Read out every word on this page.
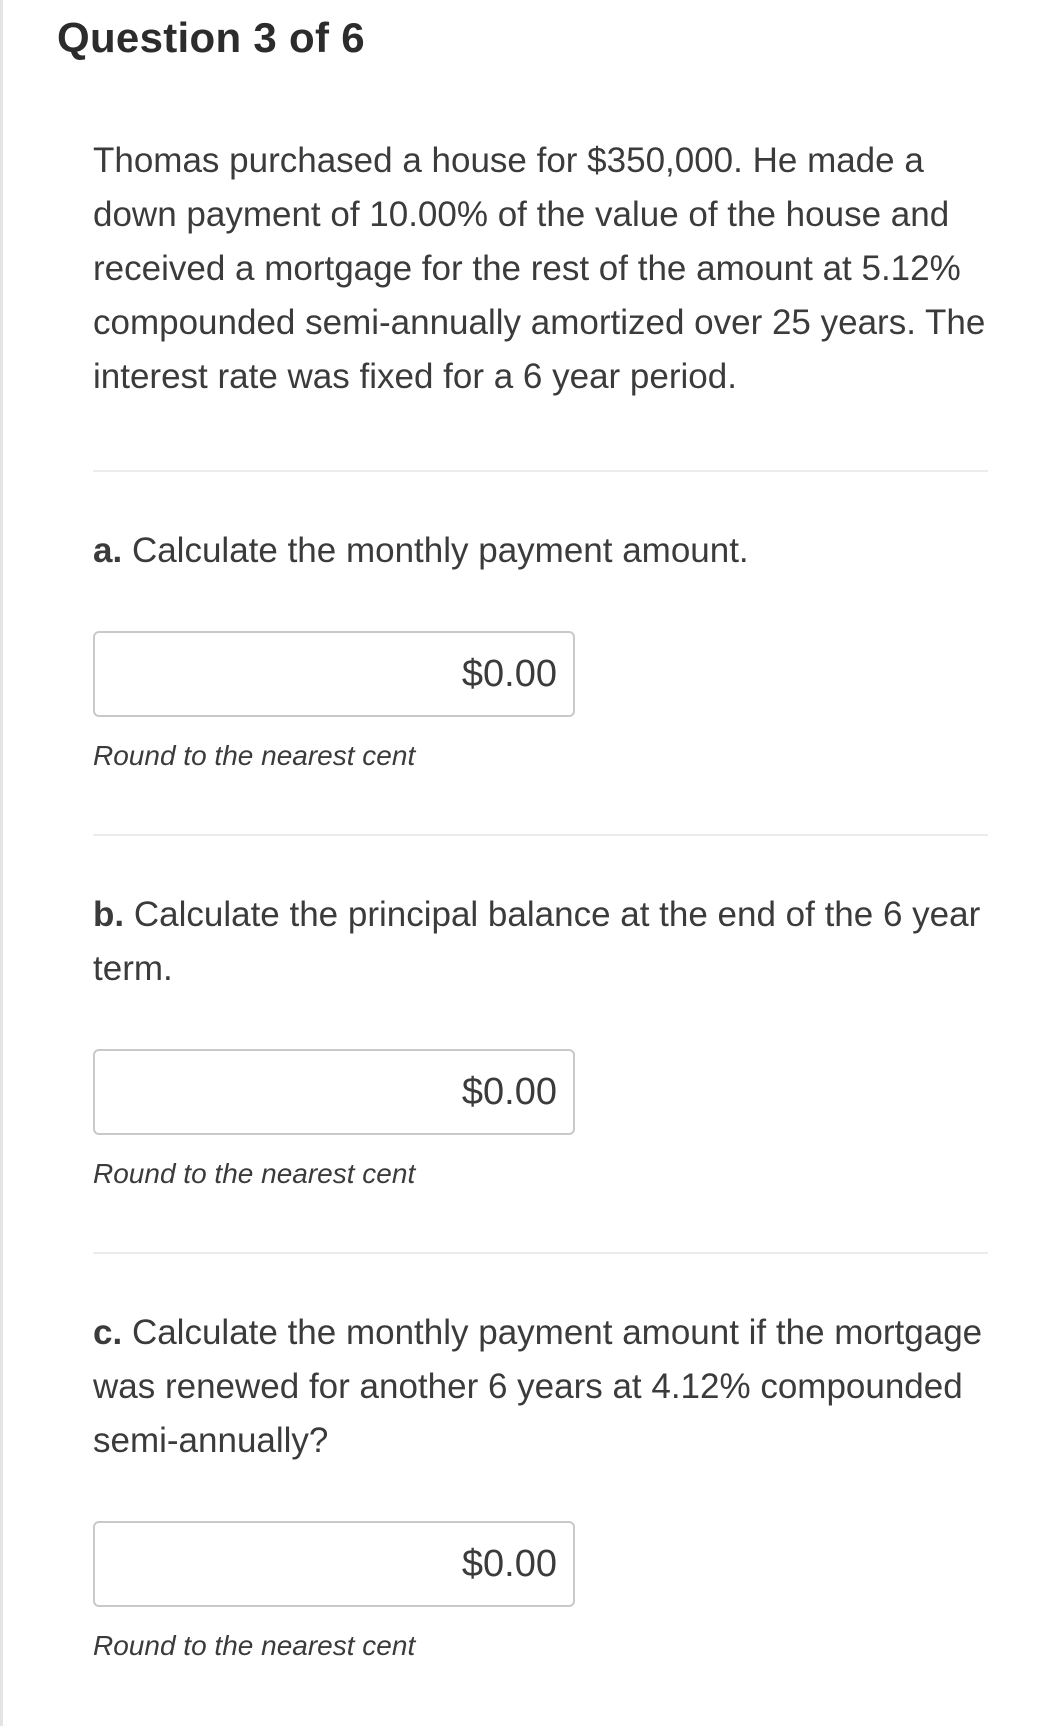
Question 3 of 6

Thomas purchased a house for $350,000. He made a down payment of 10.00% of the value of the house and received a mortgage for the rest of the amount at 5.12% compounded semi-annually amortized over 25 years. The interest rate was fixed for a 6 year period.

a. Calculate the monthly payment amount.

$0.00

Round to the nearest cent

b. Calculate the principal balance at the end of the 6 year term.

$0.00

Round to the nearest cent

c. Calculate the monthly payment amount if the mortgage was renewed for another 6 years at 4.12% compounded semi-annually?

$0.00

Round to the nearest cent
